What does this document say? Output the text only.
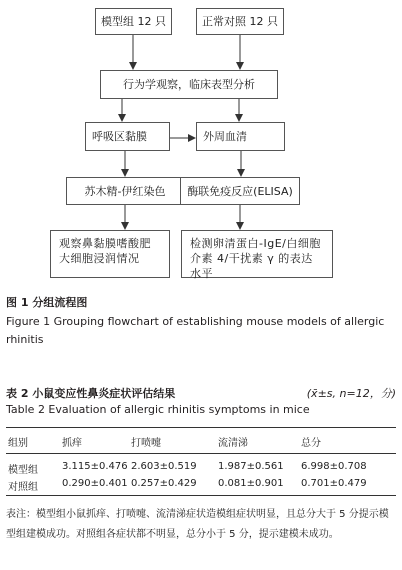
模型组 12 只	正常对照 12 只
行为学观察，临床表型分析
呼吸区黏膜	外周血清
苏木精-伊红染色 酶联免疫反应(ELISA)
观察鼻黏膜嗜酸肥大细胞浸润情况
检测卵清蛋白-IgE/白细胞介素 4/干扰素 γ 的表达水平
图 1 分组流程图
Figure 1 Grouping flowchart of establishing mouse models of allergic rhinitis
表 2 小鼠变应性鼻炎症状评估结果	(x̄±s, n=12，分)
Table 2 Evaluation of allergic rhinitis symptoms in mice
组别	抓痒	打喷嚏	流清涕	总分
模型组 3.115±0.476 2.603±0.519 1.987±0.561 6.998±0.708
对照组 0.290±0.401 0.257±0.429 0.081±0.901 0.701±0.479
表注：模型组小鼠抓痒、打喷嚏、流清涕症状造模组症状明显，且总分大于 5 分提示模型组建模成功。对照组各症状都不明显，总分小于 5 分，提示建模未成功。
